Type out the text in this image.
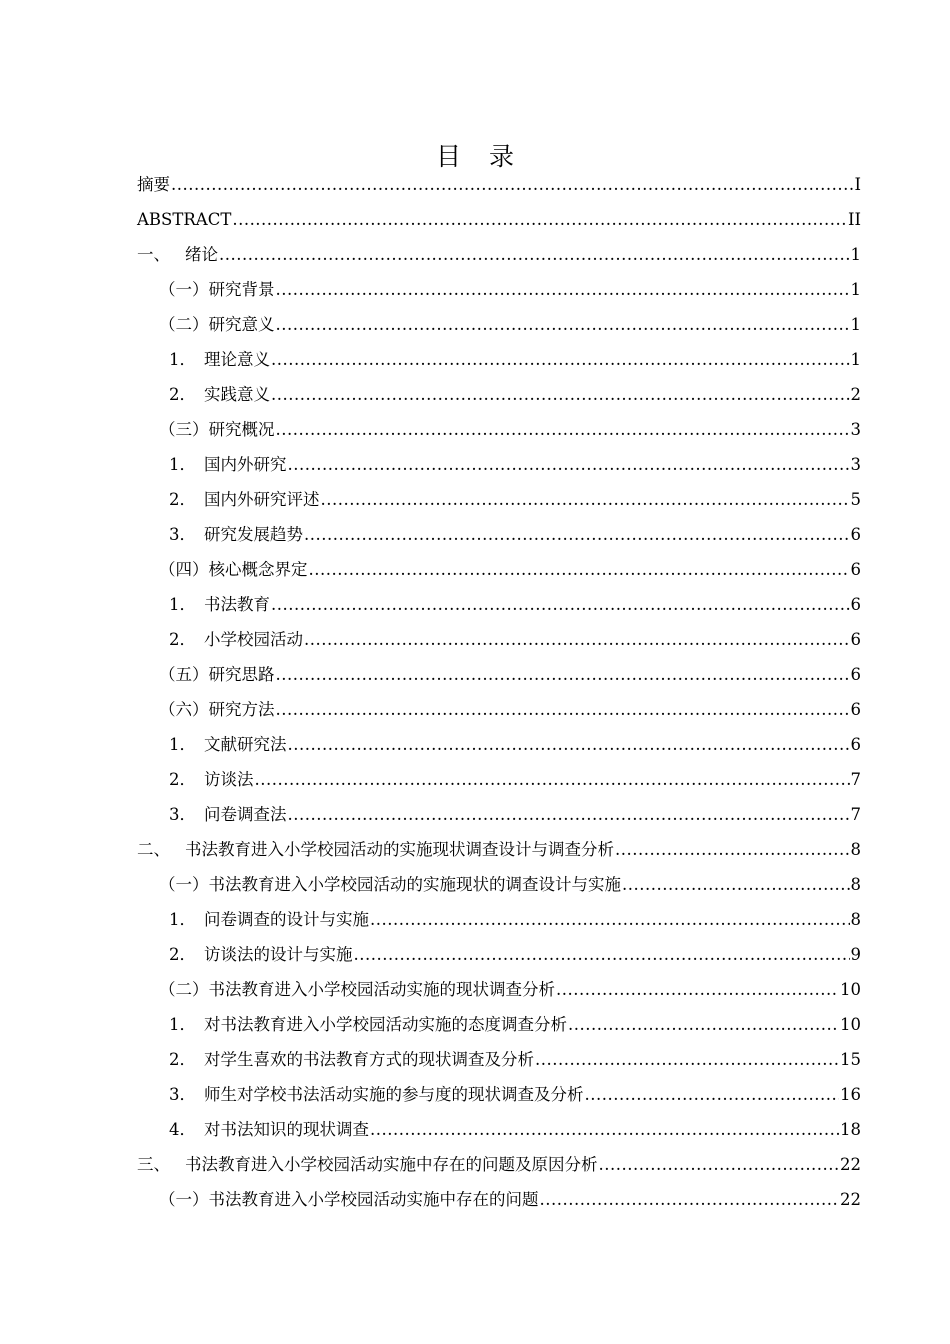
目 录
摘要 .....	I
ABSTRACT .....	II
一、 绪论 .....	1
（一）研究背景 .....	1
（二）研究意义 .....	1
1． 理论意义 .....	1
2． 实践意义 .....	2
（三）研究概况 .....	3
1． 国内外研究 .....	3
2． 国内外研究评述 .....	5
3． 研究发展趋势 .....	6
（四）核心概念界定 .....	6
1． 书法教育 .....	6
2． 小学校园活动 .....	6
（五）研究思路 .....	6
（六）研究方法 .....	6
1． 文献研究法 .....	6
2． 访谈法 .....	7
3． 问卷调查法 .....	7
二、 书法教育进入小学校园活动的实施现状调查设计与调查分析 .....	8
（一）书法教育进入小学校园活动的实施现状的调查设计与实施 .....	8
1． 问卷调查的设计与实施 .....	8
2． 访谈法的设计与实施 .....	9
（二）书法教育进入小学校园活动实施的现状调查分析 .....	10
1． 对书法教育进入小学校园活动实施的态度调查分析 .....	10
2． 对学生喜欢的书法教育方式的现状调查及分析 .....	15
3． 师生对学校书法活动实施的参与度的现状调查及分析 .....	16
4． 对书法知识的现状调查 .....	18
三、 书法教育进入小学校园活动实施中存在的问题及原因分析 .....	22
（一）书法教育进入小学校园活动实施中存在的问题 .....	22
